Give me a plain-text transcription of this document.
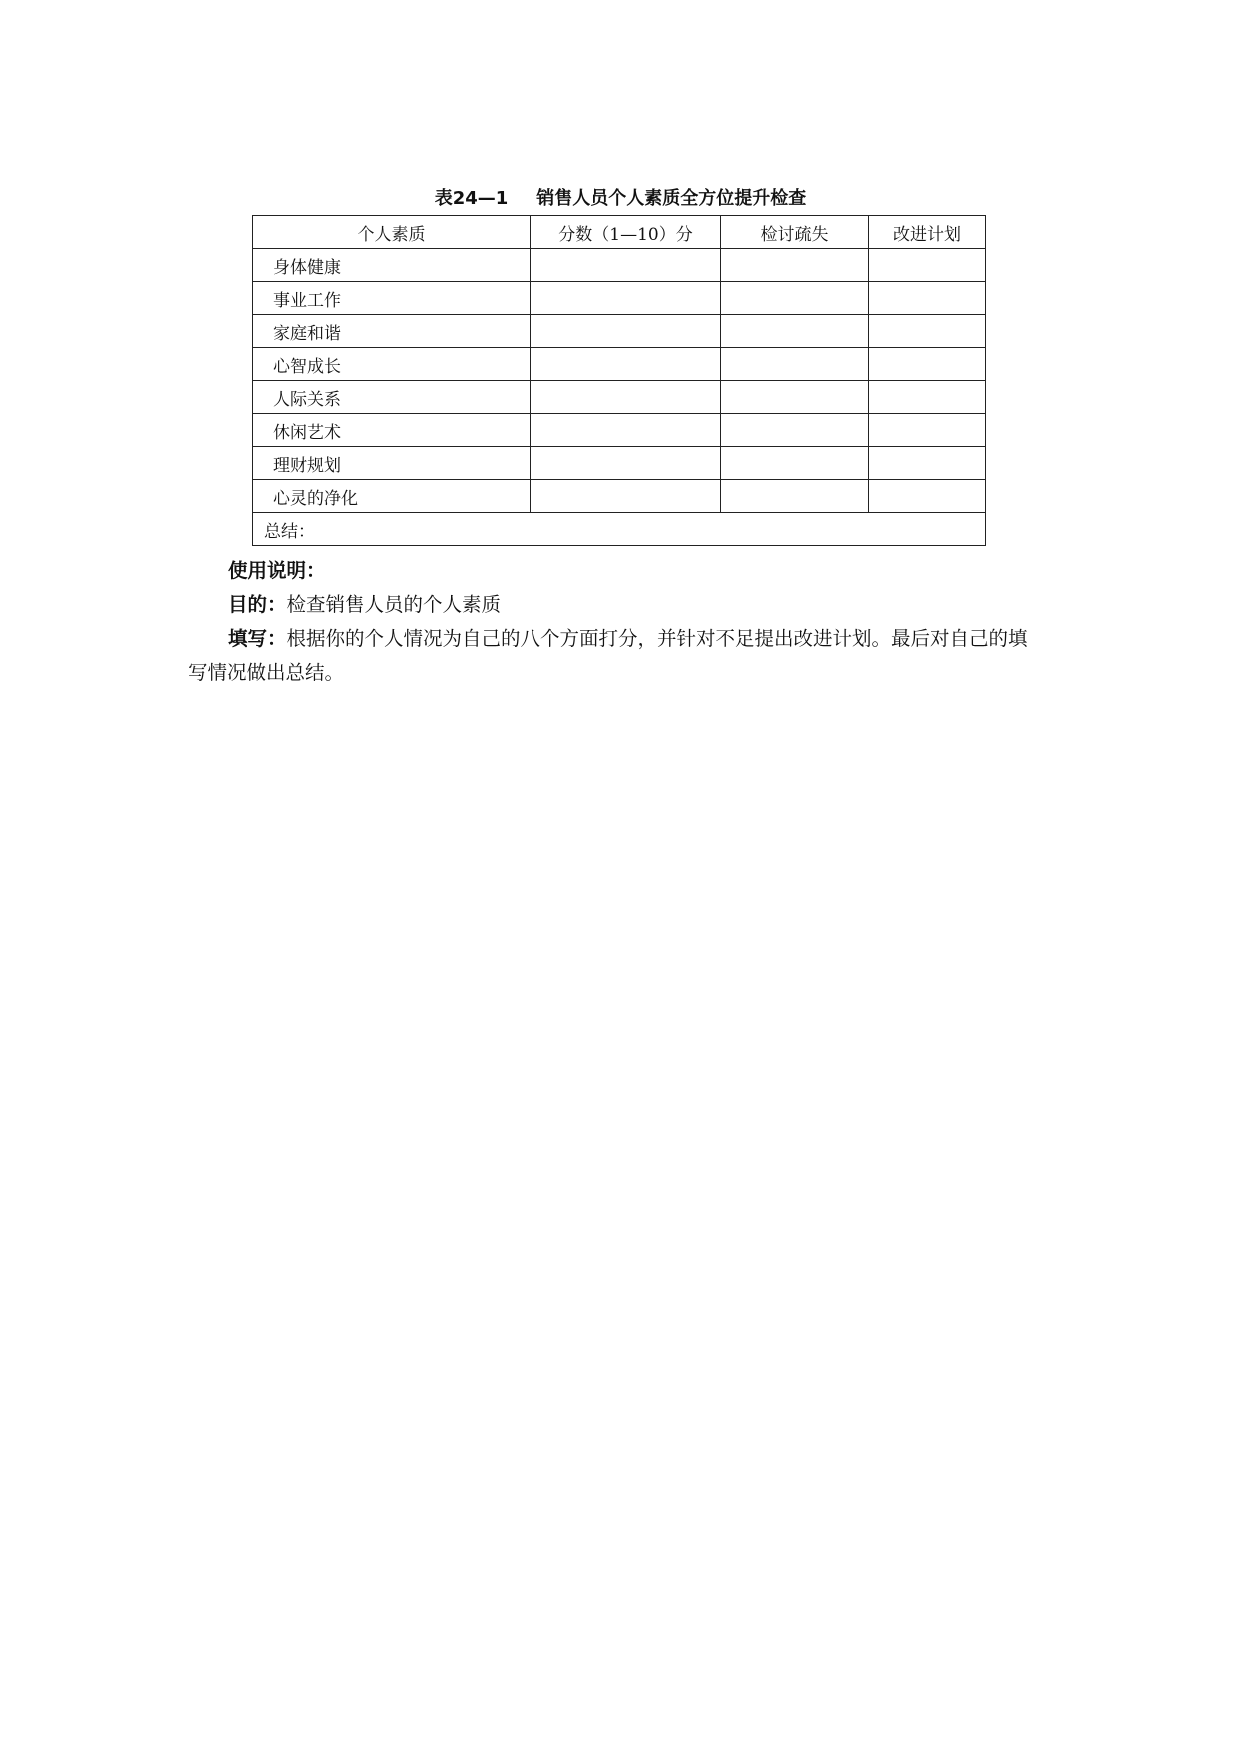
表24—1 销售人员个人素质全方位提升检查
个人素质	分数（1—10）分	检讨疏失	改进计划
身体健康			
事业工作			
家庭和谐			
心智成长			
人际关系			
休闲艺术			
理财规划			
心灵的净化			
总结：			

使用说明：

目的：检查销售人员的个人素质

填写：根据你的个人情况为自己的八个方面打分，并针对不足提出改进计划。最后对自己的填写情况做出总结。
